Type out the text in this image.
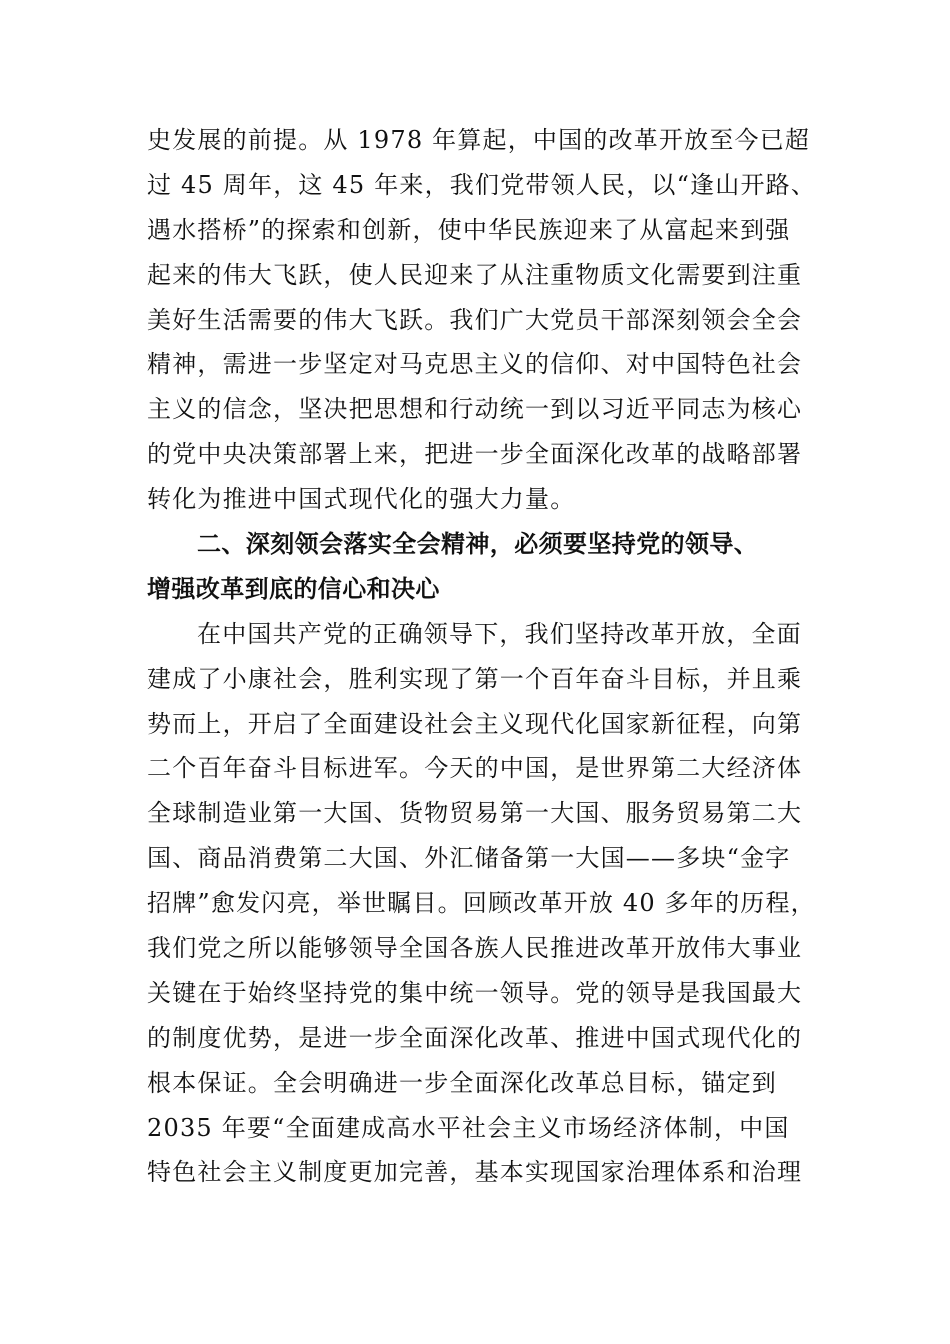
史发展的前提。从 1978 年算起，中国的改革开放至今已超
过 45 周年，这 45 年来，我们党带领人民，以“逢山开路、
遇水搭桥”的探索和创新，使中华民族迎来了从富起来到强
起来的伟大飞跃，使人民迎来了从注重物质文化需要到注重
美好生活需要的伟大飞跃。我们广大党员干部深刻领会全会
精神，需进一步坚定对马克思主义的信仰、对中国特色社会
主义的信念，坚决把思想和行动统一到以习近平同志为核心
的党中央决策部署上来，把进一步全面深化改革的战略部署
转化为推进中国式现代化的强大力量。
二、深刻领会落实全会精神，必须要坚持党的领导、
增强改革到底的信心和决心
在中国共产党的正确领导下，我们坚持改革开放，全面
建成了小康社会，胜利实现了第一个百年奋斗目标，并且乘
势而上，开启了全面建设社会主义现代化国家新征程，向第
二个百年奋斗目标进军。今天的中国，是世界第二大经济体
全球制造业第一大国、货物贸易第一大国、服务贸易第二大
国、商品消费第二大国、外汇储备第一大国——多块“金字
招牌”愈发闪亮，举世瞩目。回顾改革开放 40 多年的历程，
我们党之所以能够领导全国各族人民推进改革开放伟大事业
关键在于始终坚持党的集中统一领导。党的领导是我国最大
的制度优势，是进一步全面深化改革、推进中国式现代化的
根本保证。全会明确进一步全面深化改革总目标，锚定到
2035 年要“全面建成高水平社会主义市场经济体制，中国
特色社会主义制度更加完善，基本实现国家治理体系和治理
